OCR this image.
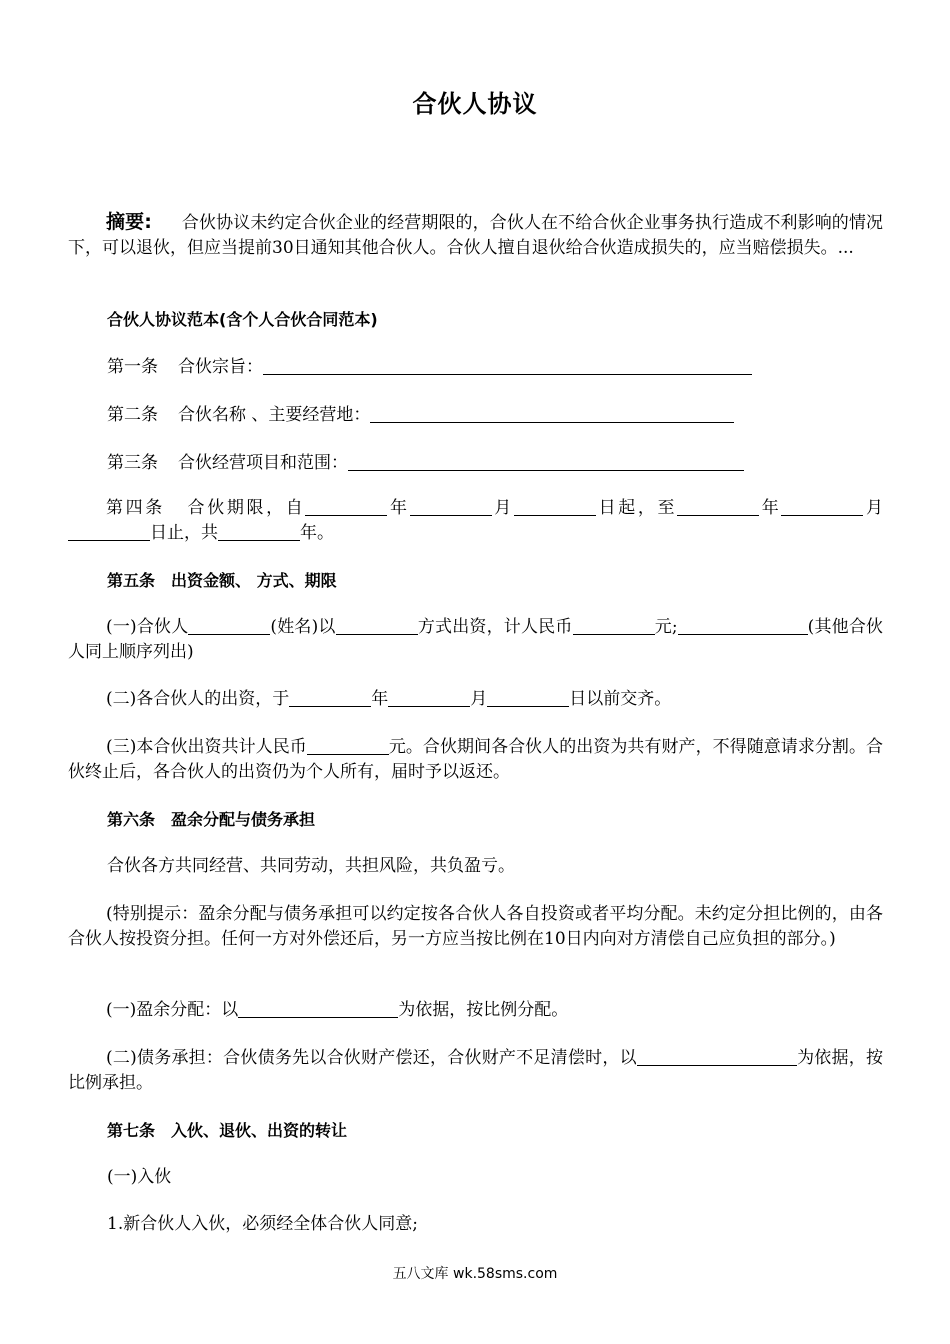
合伙人协议
摘要: 合伙协议未约定合伙企业的经营期限的，合伙人在不给合伙企业事务执行造成不利影响的情况下，可以退伙，但应当提前30日通知其他合伙人。合伙人擅自退伙给合伙造成损失的，应当赔偿损失。...
合伙人协议范本(含个人合伙合同范本)
第一条 合伙宗旨：
第二条 合伙名称 、主要经营地：
第三条 合伙经营项目和范围：
第四条 合伙期限，自	年	月	日起，至	年	月日止，共	年。
第五条　出资金额、 方式、期限
(一)合伙人	(姓名)以	方式出资，计人民币	元;	(其他合伙人同上顺序列出)
(二)各合伙人的出资，于	年	月	日以前交齐。
(三)本合伙出资共计人民币	元。合伙期间各合伙人的出资为共有财产，不得随意请求分割。合伙终止后，各合伙人的出资仍为个人所有，届时予以返还。
第六条　盈余分配与债务承担
合伙各方共同经营、共同劳动，共担风险，共负盈亏。
(特别提示：盈余分配与债务承担可以约定按各合伙人各自投资或者平均分配。未约定分担比例的，由各合伙人按投资分担。任何一方对外偿还后，另一方应当按比例在10日内向对方清偿自己应负担的部分。)
(一)盈余分配：以	为依据，按比例分配。
(二)债务承担：合伙债务先以合伙财产偿还，合伙财产不足清偿时，以	为依据，按比例承担。
第七条　入伙、退伙、出资的转让
(一)入伙
1.新合伙人入伙，必须经全体合伙人同意;
五八文库 wk.58sms.com
